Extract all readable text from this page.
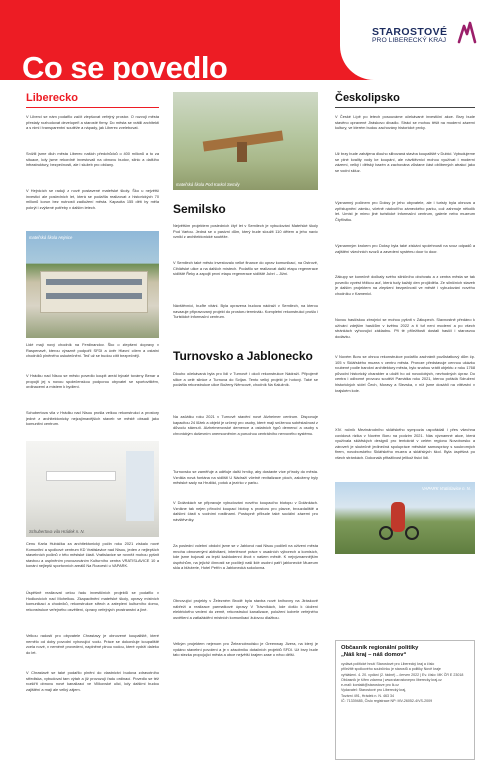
Co se povedlo
STAROSTOVÉ
PRO LIBERECKÝ KRAJ
Liberecko
V Liberci se nám podařilo začít zlepšovat veřejný prostor. O rozvoji města přestaly rozhodovat developeři a starosté firmy. Do města se vrátili architekti a s nimi i transparentní soutěže a nápady, jak Liberec zvelebovat.
Snížili jsme dluh města Liberec našich předchůdců o 400 milionů a to za situace, kdy jsme rekordně investovali na obnovu budov, silnic a dalšího infrastruktury, bezpečnosti, ale i služeb pro občany.
V Hejnicích se radují z nově postavené mateřské školy. Ško u největší investicí ale posledních let, která se podařila realizovat z historických 70 milionů korun bez nutnosti zadlužení města. Kapacita 155 dětí by měla pokrýt i zvýšené potřeby v dalším letech.
mateřská škola Hejnice
Lidé mají nový chodník na Ferdinandov. Ško o zlepšení dopravy v Raspenavě, kterou výrazně podpořil SFDI a úvěr Hlavní cílem a ostatní chodníků plněného uskutečnění. Teď už se budou cítit bezpečněji.
V Hrádku nad Nisou se město povedlo koupit areál bývalé továrny Benar a propojit jej s novou společenskou podporou obyvatel se sportovištěm, ordinacemi a místem k bydlení.
Schubertova vila v Hrádku nad Nisou prošla velkou rekonstrukcí a prostory jedné z architektonicky nejzajímavějších staveb ve městě obsadí jako komunitní centrum.
Schubertova vila Hrádek n. N.
Cenu Karla Hubáčka za architektonický počin roku 2021 získalo nové Komunitní a spolkové centrum KD Vratislavice nad Nisou, jeden z nejlepších stavebních počinů v této městské části. Vratislavice se rovněž mohou pyšnit stavbou a usplněním provozováním Kulturního centra VRATISLAVICE 10 a konání nejlepší sportovních areálů Na Rozcestí u VAPARK.
Úspěšně realizovat celou řadu investičních projektů se podařilo v Hodkovicích nad Mohelkou. Zkapacitnění mateřské školy, opravy místních komunikací a chodníků, rekonstrukce střech a zateplení kulturního domu, rekonstrukce veřejného osvětlení, úpravy veřejných prostranství a jiné.
Velkou radostí pro obyvatele Chrastavy je obnovené koupaliště, které nemělo od doby povodní vyhovující vodu. Práce se dokončuje koupaliště zcela nové, v neméně provedení, naplněné plnou vodou, které vydrží daleko do let.
V Chrastavě se také podařilo plnění do vlastnictví budova zdravotního střediska, vybudoval tam výtah a již provozují řadu ordinací. Povedlo se též rozšířit obnovu nové kanalizací ve Vilikovské ulici, kdy dalšími budou zajištění a mají ale velký zájem.
mateřská škola Pod Karkol Semily
Semilsko
Největším projektem posledních čtyř let v Semilech je vybudování Mateřské školy Pod Vartou. Jedná se o pasivní dům, který bude sloužit 110 dětem a jeho navíc vznikl z architektonické soutěže.
V Semilech také město investovalo velké finance do oprav komunikací, na Ostrově, Cihlářské ulice a na dalších místech. Podařilo se realizovat další etapu regenerace sídliště Řeky a zapojit první etapu regenerace sídliště Jubrí – Jižní.
Návštěvníci, buďte vítáni. Byla opravena budova nádraží v Semilech, na kterou navazuje připravovaný projekt do prostoru terminálu. Kompletní rekonstrukci prošlo i Turistické informační centrum.
Turnovsko a Jablonecko
Dlouho očekávaná byla pro lidi v Turnově i okolí rekonstrukce Nádraží. Připojeně silice a celé silnice z Turnova do Svijan. Tento velký projekt je hotový. Také se podařila rekonstrukce ulice Boženy Němcové, chodník Na Kalužník.
Na začátku roku 2021 v Turnově stavění nové Alzheimer centrum. Disponuje kapacitou 24 lůžek a objekt je určený pro osoby, které mají sníženou soběstačnost z důvodu stárnutí. Alzheimerovské demence a ostatních typů demencí a osoby s chronickým duševním onemocněním a poruchou centrálního nervového systému.
Turnovsko se zaměřuje a uděluje další hrníky, aby dostavte více přírody do města. Vznikla nová fontána na sídlišti U Nádraží včetně revitalizace ploch, založeny byly městské sady na Hruštici, potok a jezírko v parku.
V Dolánkách se připravuje vybudování nového koupacího biotopu v Dolánkách. Vznikne tak nejen přírodní koupací biotop s prostoru pro plavce, brouzdaliště a dalšími části s vodními rostlinami. Postupně přibude také sociální zázemí pro návštěvníky.
Za poslední volební období jsme se v Jablonci nad Nisou podíleli na oživení města mnoha obnovenými aktivitami, interiérové práce v osadních výborech a komisích, kde jsme bojovali za lepší každodenní život v našem městě. K nejvýznamnějším úspěchům, na jejichž činnosti se podílejí naši lidé osobní patří jablonecké Muzeum skla a bižuterie, Hotel Petřín a Jablonecká sokolovna.
Obnovující projekty v Železném Brodě byla stavba nové knihovny na Jiráskově nábřeží a realizace parmatkové úpravy V Trávníkách, kde došlo k úložení elektrického vedení do země, rekonstrukci kanalizace, položení kobeťe veřejného osvětlení a zatlažádění místních komunikací žulovou dlažbou.
Velkým projektem nejenom pro Železnobrodsko je Greenway Jizera, na který je vydáno stavební povolení a je v zásobníku dotačních projektů SFDI. Už brzy bude tato stezka propojující města a obce největší krajem zase o něco dělší.
Českolipsko
V České Lípě po letech posouváme očekávané investiční akce. Brzy bude stavěno opravené Jiráskovo divadlo. Stráci se mohou těšit na moderní zázemí kultury, ve kterém budou zachovány historické prvky.
Už brzy bude zahájena dlouho slibovaná stavba koupaliště v Dubici. Vybudujeme se plné kvality vody ke koupání, ale návštěvníci mohou využívat i moderní zázemí, velký i dětský bazén a zachována zůstane část oblíbených atrakcí jako se vodní skluz.
Významný počinem pro Doksy je jeho obyvatele, ale i turisty byla obnova a zpřístupnění zámku, včetně nádvořího zámeckého parku, což zahrnuje několik let. Umíst je mimo jiné turistické informační centrum, galerie nebo muzeum Čtyřlístku.
Významným krokem pro Doksy byla také získání spolehnosti na svoz odpadů a zajištění všechnich svozů a zavedení systému door to door.
Zákupy se konečně dočkaly svého silničního obchvatu a z centra města se tak povedlo vyvést těžkou auť, která tudy každý den projížděla. Ze silničních staveb je dalším projektem na zlepšení bezpečnosti ve městě i vybudování nového chodníku v Kamenici.
Novou hasičskou zbrojnici se mohou pyšnit v Zákupech. Slavnostně předáno k užívání zdejším hasičům v květnu 2022 a tí tuf není moderní a po všech stránkách vyhovující základnu. Při té příležitosti dostali hasiči i starosvou dodávku.
V Novém Boru se ohnou rekonstrukce podařilo zachránit pozůstatkový dům čp. 105 v Sklářského muzea v centru města. Proroze představuje cennou ukázku roubené podle barokní architektury města, bylo snahou vrátit objektu z roku 1768 původní historický charakter a uložit ho od novodobých, nevhodných úprav. Do centra i odborné provozu soutěži Památka roku 2021, kterou pořádá Sdružení historických sídel Čech, Moravy a Slezska, v níž jsme dosáhli na vítězství v krajském kole.
XIV. ročník Mezinárodního sklářského sympozia uspořádali i přes všechna covidová rizika v Novém Boru na podzim 2021. Nás významné akce, která využívala sklářských designů pro tentokrát v celém regionu Novoborsko a zároveň je skutečně jedinečná spolupráce městské samosprávy s soukromých firem, novoborského Sklářského muzea a sklářských škol. Byla úspěšná po všech stránkách. Dokonalá přitažlivost jelikož tisíci lidí.
VAPARK Vratislavice n. N.
Občasník regionální politiky
„Náš kraj – náš domov“
vydává politické hnutí Starostové pro Liberecký kraj a číslo
příležitě spolkového soubčínku je starostů a politiky Nově kraje
vyhlášení. 4. 20. vydání (2. řádné) – červen 2022 | Ev. číslo: MK ČR E 23018
Občasník je šířen zdarma | www.starostovepro liberecky kraj.cz
e-mail: kontakt@starostove pro lk.cz
Vydavatel: Starostové pro Liberecký kraj,
Tovární 491, Hrádek n. N. 463 34
IČ: 71339485, Číslo registrace NP: MV-26052-4/VS-2009
